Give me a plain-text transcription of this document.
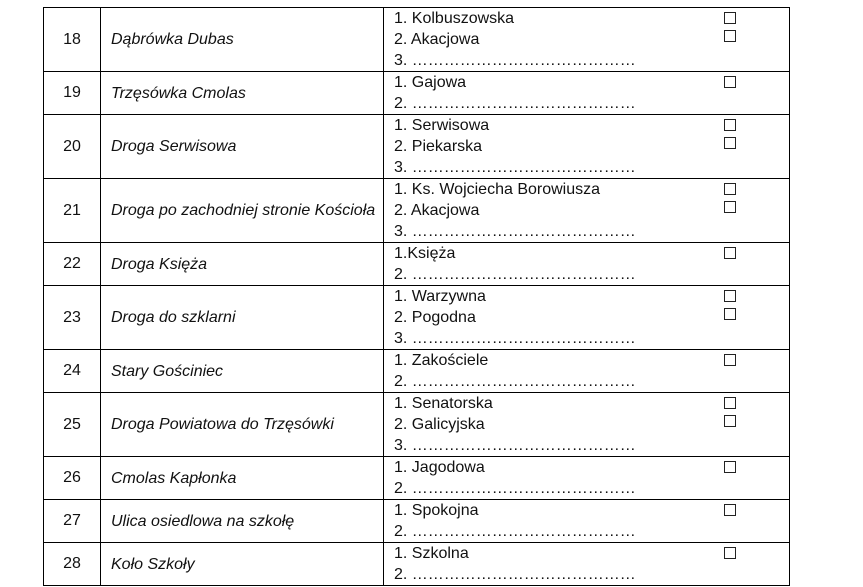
18	Dąbrówka Dubas	1. Kolbuszowska
2. Akacjowa
3. ……………………………………

19	Trzęsówka Cmolas	1. Gajowa
2. ……………………………………

20	Droga Serwisowa	1. Serwisowa
2. Piekarska
3. ……………………………………

21	Droga po zachodniej stronie Kościoła	1. Ks. Wojciecha Borowiusza
2. Akacjowa
3. ……………………………………

22	Droga Księża	1.Księża
2. ……………………………………

23	Droga do szklarni	1. Warzywna
2. Pogodna
3. ……………………………………

24	Stary Gościniec	1. Zakościele
2. ……………………………………

25	Droga Powiatowa do Trzęsówki	1. Senatorska
2. Galicyjska
3. ……………………………………

26	Cmolas Kapłonka	1. Jagodowa
2. ……………………………………

27	Ulica osiedlowa na szkołę	1. Spokojna
2. ……………………………………

28	Koło Szkoły	1. Szkolna
2. ……………………………………
